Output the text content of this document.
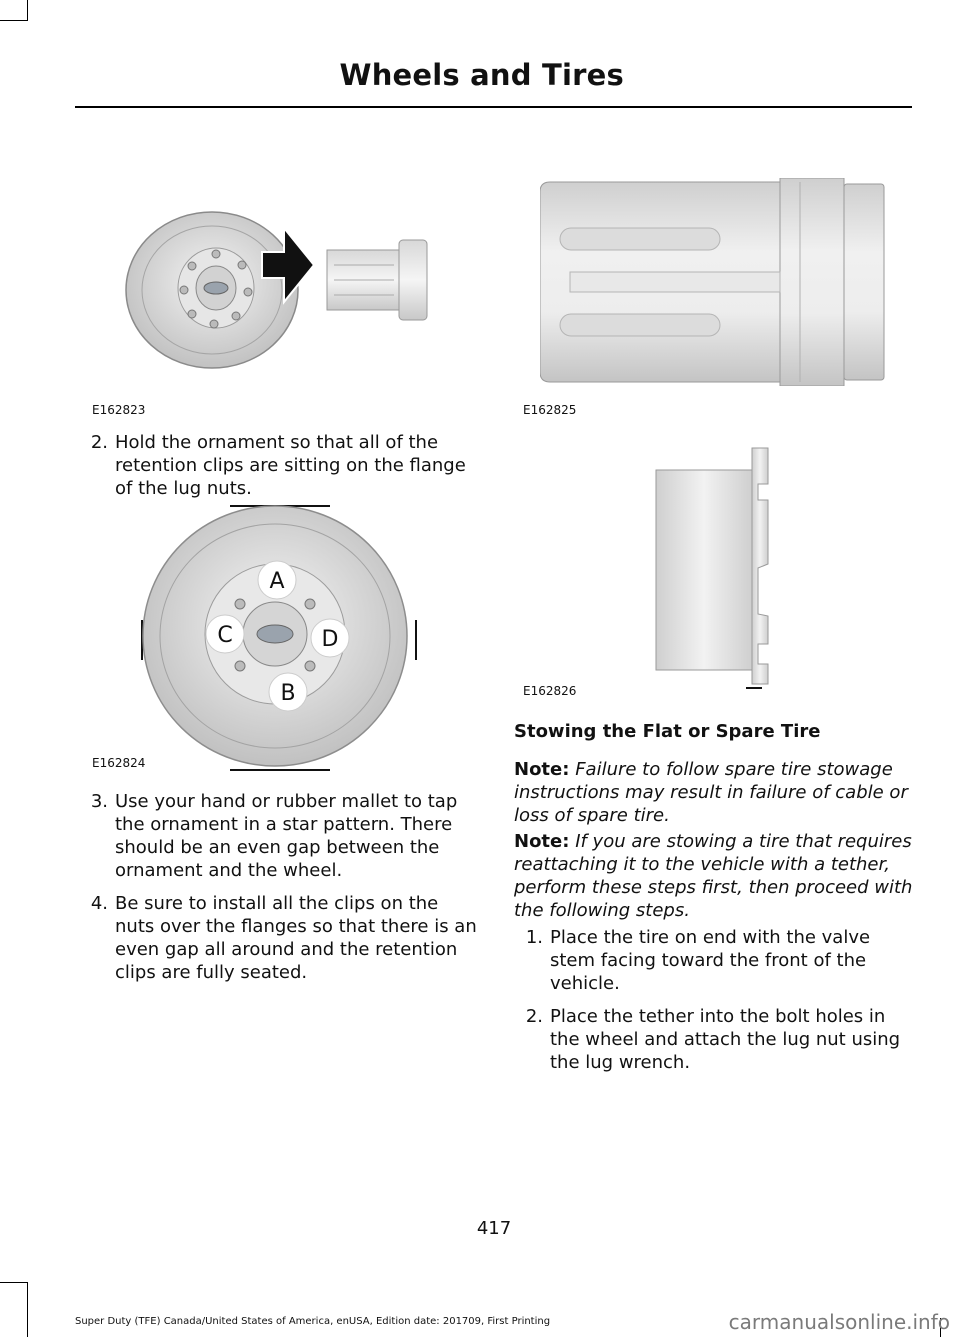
Wheels and Tires
E162823	E162825
2. Hold the ornament so that all of the retention clips are sitting on the flange of the lug nuts.
A
B
C	D
E162824
E162826
3. Use your hand or rubber mallet to tap the ornament in a star pattern. There should be an even gap between the ornament and the wheel.
4. Be sure to install all the clips on the nuts over the flanges so that there is an even gap all around and the retention clips are fully seated.
Stowing the Flat or Spare Tire
Note: Failure to follow spare tire stowage instructions may result in failure of cable or loss of spare tire.
Note: If you are stowing a tire that requires reattaching it to the vehicle with a tether, perform these steps first, then proceed with the following steps.
1. Place the tire on end with the valve stem facing toward the front of the vehicle.
2. Place the tether into the bolt holes in the wheel and attach the lug nut using the lug wrench.
417
Super Duty (TFE) Canada/United States of America, enUSA, Edition date: 201709, First Printing	carmanualsonline.info
